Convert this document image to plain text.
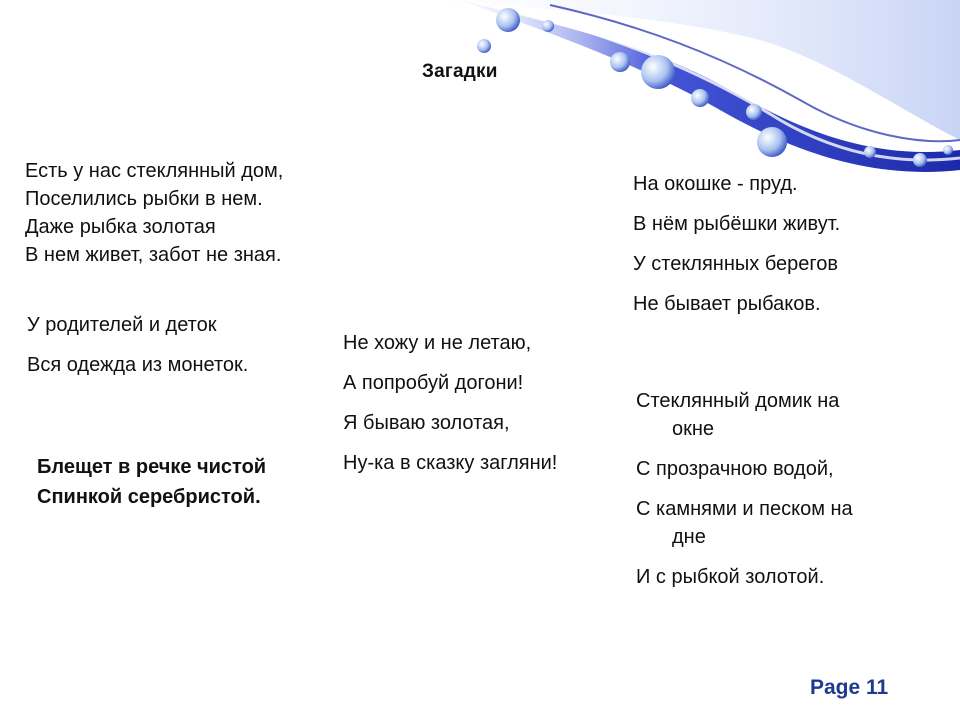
Загадки
Есть у нас стеклянный дом,
Поселились рыбки в нем.
Даже рыбка золотая
В нем живет, забот не зная.
У родителей и деток
Вся одежда из монеток.
Блещет в речке чистой
Спинкой серебристой.
Не хожу и не летаю,
А попробуй догони!
Я бываю золотая,
Ну-ка в сказку загляни!
На окошке - пруд.
В нём рыбёшки живут.
У стеклянных берегов
Не бывает рыбаков.
Стеклянный домик на
окне
С прозрачною водой,
С камнями и песком на
дне
И с рыбкой золотой.
Page 11
